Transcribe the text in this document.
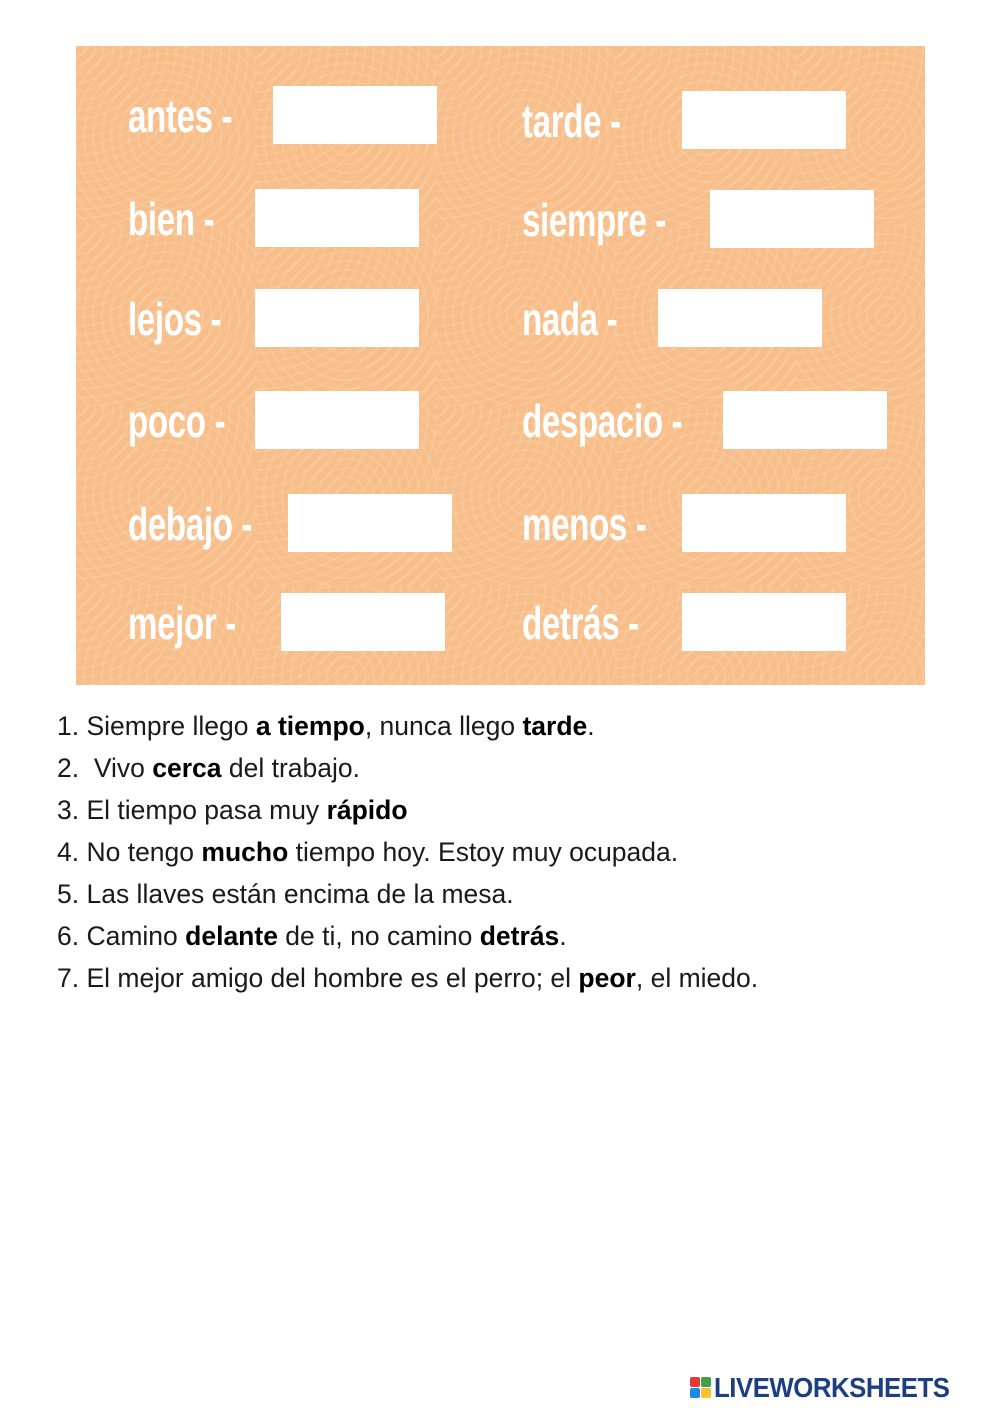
antes -
bien -
lejos -
poco -
debajo -
mejor -
tarde -
siempre -
nada -
despacio -
menos -
detrás -
1. Siempre llego a tiempo, nunca llego tarde.
2.  Vivo cerca del trabajo.
3. El tiempo pasa muy rápido
4. No tengo mucho tiempo hoy. Estoy muy ocupada.
5. Las llaves están encima de la mesa.
6. Camino delante de ti, no camino detrás.
7. El mejor amigo del hombre es el perro; el peor, el miedo.
LIVEWORKSHEETS
